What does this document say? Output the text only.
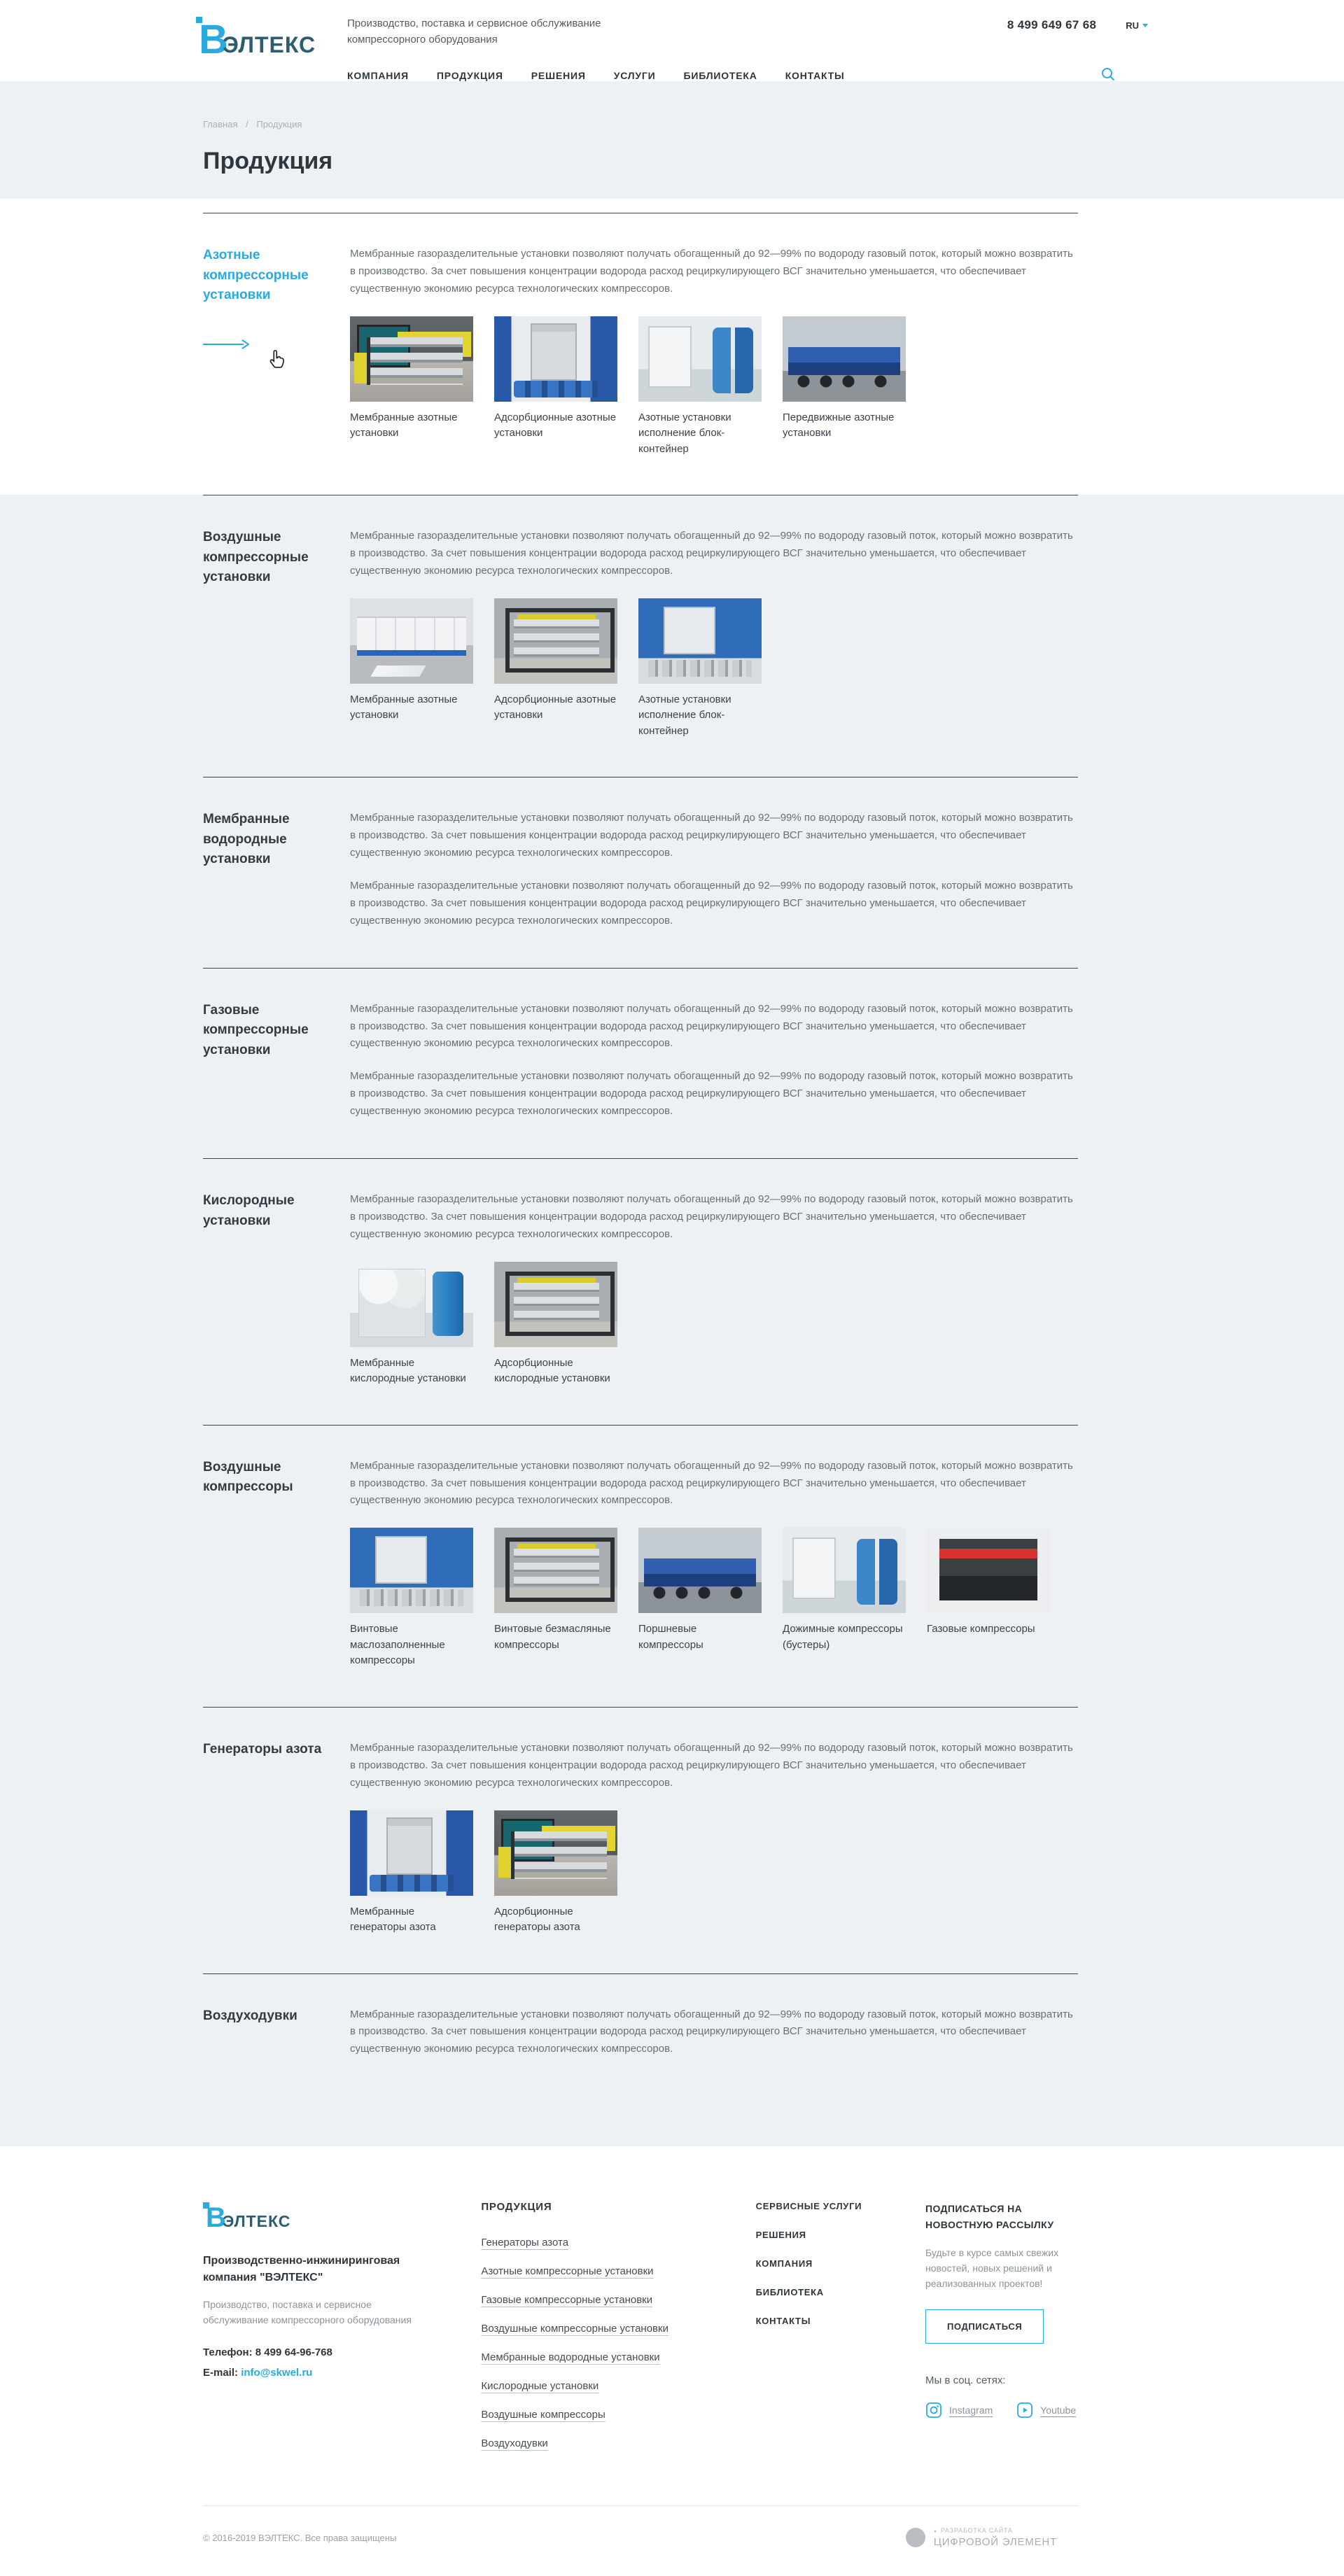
В
ЭЛТЕКС
Производство, поставка и сервисное обслуживание
компрессорного оборудования
8 499 649 67 68	RU
КОМПАНИЯ	ПРОДУКЦИЯ	РЕШЕНИЯ	УСЛУГИ	БИБЛИОТЕКА	КОНТАКТЫ
Главная / Продукция
Продукция
Азотные компрессорные установки

Мембранные газоразделительные установки позволяют получать обогащенный до 92—99% по водороду газовый поток, который можно возвратить в производство. За счет повышения концентрации водорода расход рециркулирующего ВСГ значительно уменьшается, что обеспечивает существенную экономию ресурса технологических компрессоров.

Мембранные азотные установки
Адсорбционные азотные установки
Азотные установки исполнение блок-контейнер
Передвижные азотные установки
Воздушные компрессорные установки

Мембранные газоразделительные установки позволяют получать обогащенный до 92—99% по водороду газовый поток, который можно возвратить в производство. За счет повышения концентрации водорода расход рециркулирующего ВСГ значительно уменьшается, что обеспечивает существенную экономию ресурса технологических компрессоров.

Мембранные азотные установки
Адсорбционные азотные установки
Азотные установки исполнение блок-контейнер
Мембранные водородные установки

Мембранные газоразделительные установки позволяют получать обогащенный до 92—99% по водороду газовый поток, который можно возвратить в производство. За счет повышения концентрации водорода расход рециркулирующего ВСГ значительно уменьшается, что обеспечивает существенную экономию ресурса технологических компрессоров.

Мембранные газоразделительные установки позволяют получать обогащенный до 92—99% по водороду газовый поток, который можно возвратить в производство. За счет повышения концентрации водорода расход рециркулирующего ВСГ значительно уменьшается, что обеспечивает существенную экономию ресурса технологических компрессоров.

Газовые компрессорные установки

Мембранные газоразделительные установки позволяют получать обогащенный до 92—99% по водороду газовый поток, который можно возвратить в производство. За счет повышения концентрации водорода расход рециркулирующего ВСГ значительно уменьшается, что обеспечивает существенную экономию ресурса технологических компрессоров.

Мембранные газоразделительные установки позволяют получать обогащенный до 92—99% по водороду газовый поток, который можно возвратить в производство. За счет повышения концентрации водорода расход рециркулирующего ВСГ значительно уменьшается, что обеспечивает существенную экономию ресурса технологических компрессоров.

Кислородные установки

Мембранные газоразделительные установки позволяют получать обогащенный до 92—99% по водороду газовый поток, который можно возвратить в производство. За счет повышения концентрации водорода расход рециркулирующего ВСГ значительно уменьшается, что обеспечивает существенную экономию ресурса технологических компрессоров.

Мембранные кислородные установки
Адсорбционные кислородные установки
Воздушные компрессоры

Мембранные газоразделительные установки позволяют получать обогащенный до 92—99% по водороду газовый поток, который можно возвратить в производство. За счет повышения концентрации водорода расход рециркулирующего ВСГ значительно уменьшается, что обеспечивает существенную экономию ресурса технологических компрессоров.

Винтовые маслозаполненные компрессоры
Винтовые безмасляные компрессоры
Поршневые компрессоры
Дожимные компрессоры (бустеры)
Газовые компрессоры
Генераторы азота	Мембранные газоразделительные установки позволяют получать обогащенный до 92—99% по водороду газовый поток, который можно возвратить в производство. За счет повышения концентрации водорода расход рециркулирующего ВСГ значительно уменьшается, что обеспечивает существенную экономию ресурса технологических компрессоров.

Мембранные генераторы азота
Адсорбционные генераторы азота
Воздуходувки	Мембранные газоразделительные установки позволяют получать обогащенный до 92—99% по водороду газовый поток, который можно возвратить в производство. За счет повышения концентрации водорода расход рециркулирующего ВСГ значительно уменьшается, что обеспечивает существенную экономию ресурса технологических компрессоров.

В
ЭЛТЕКС
Производственно-инжиниринговая компания "ВЭЛТЕКС"
Производство, поставка и сервисное обслуживание компрессорного оборудования
Телефон: 8 499 64-96-768
E-mail: info@skwel.ru
ПРОДУКЦИЯ
Генераторы азота
Азотные компрессорные установки
Газовые компрессорные установки
Воздушные компрессорные установки
Мембранные водородные установки
Кислородные установки
Воздушные компрессоры
Воздуходувки
СЕРВИСНЫЕ УСЛУГИ
РЕШЕНИЯ
КОМПАНИЯ
БИБЛИОТЕКА
КОНТАКТЫ
ПОДПИСАТЬСЯ НА НОВОСТНУЮ РАССЫЛКУ
Будьте в курсе самых свежих новостей, новых решений и реализованных проектов!
ПОДПИСАТЬСЯ
Мы в соц. сетях:
Instagram	Youtube
© 2016-2019 ВЭЛТЕКС. Все права защищены
● РАЗРАБОТКА САЙТА
ЦИФРОВОЙ ЭЛЕМЕНТ
